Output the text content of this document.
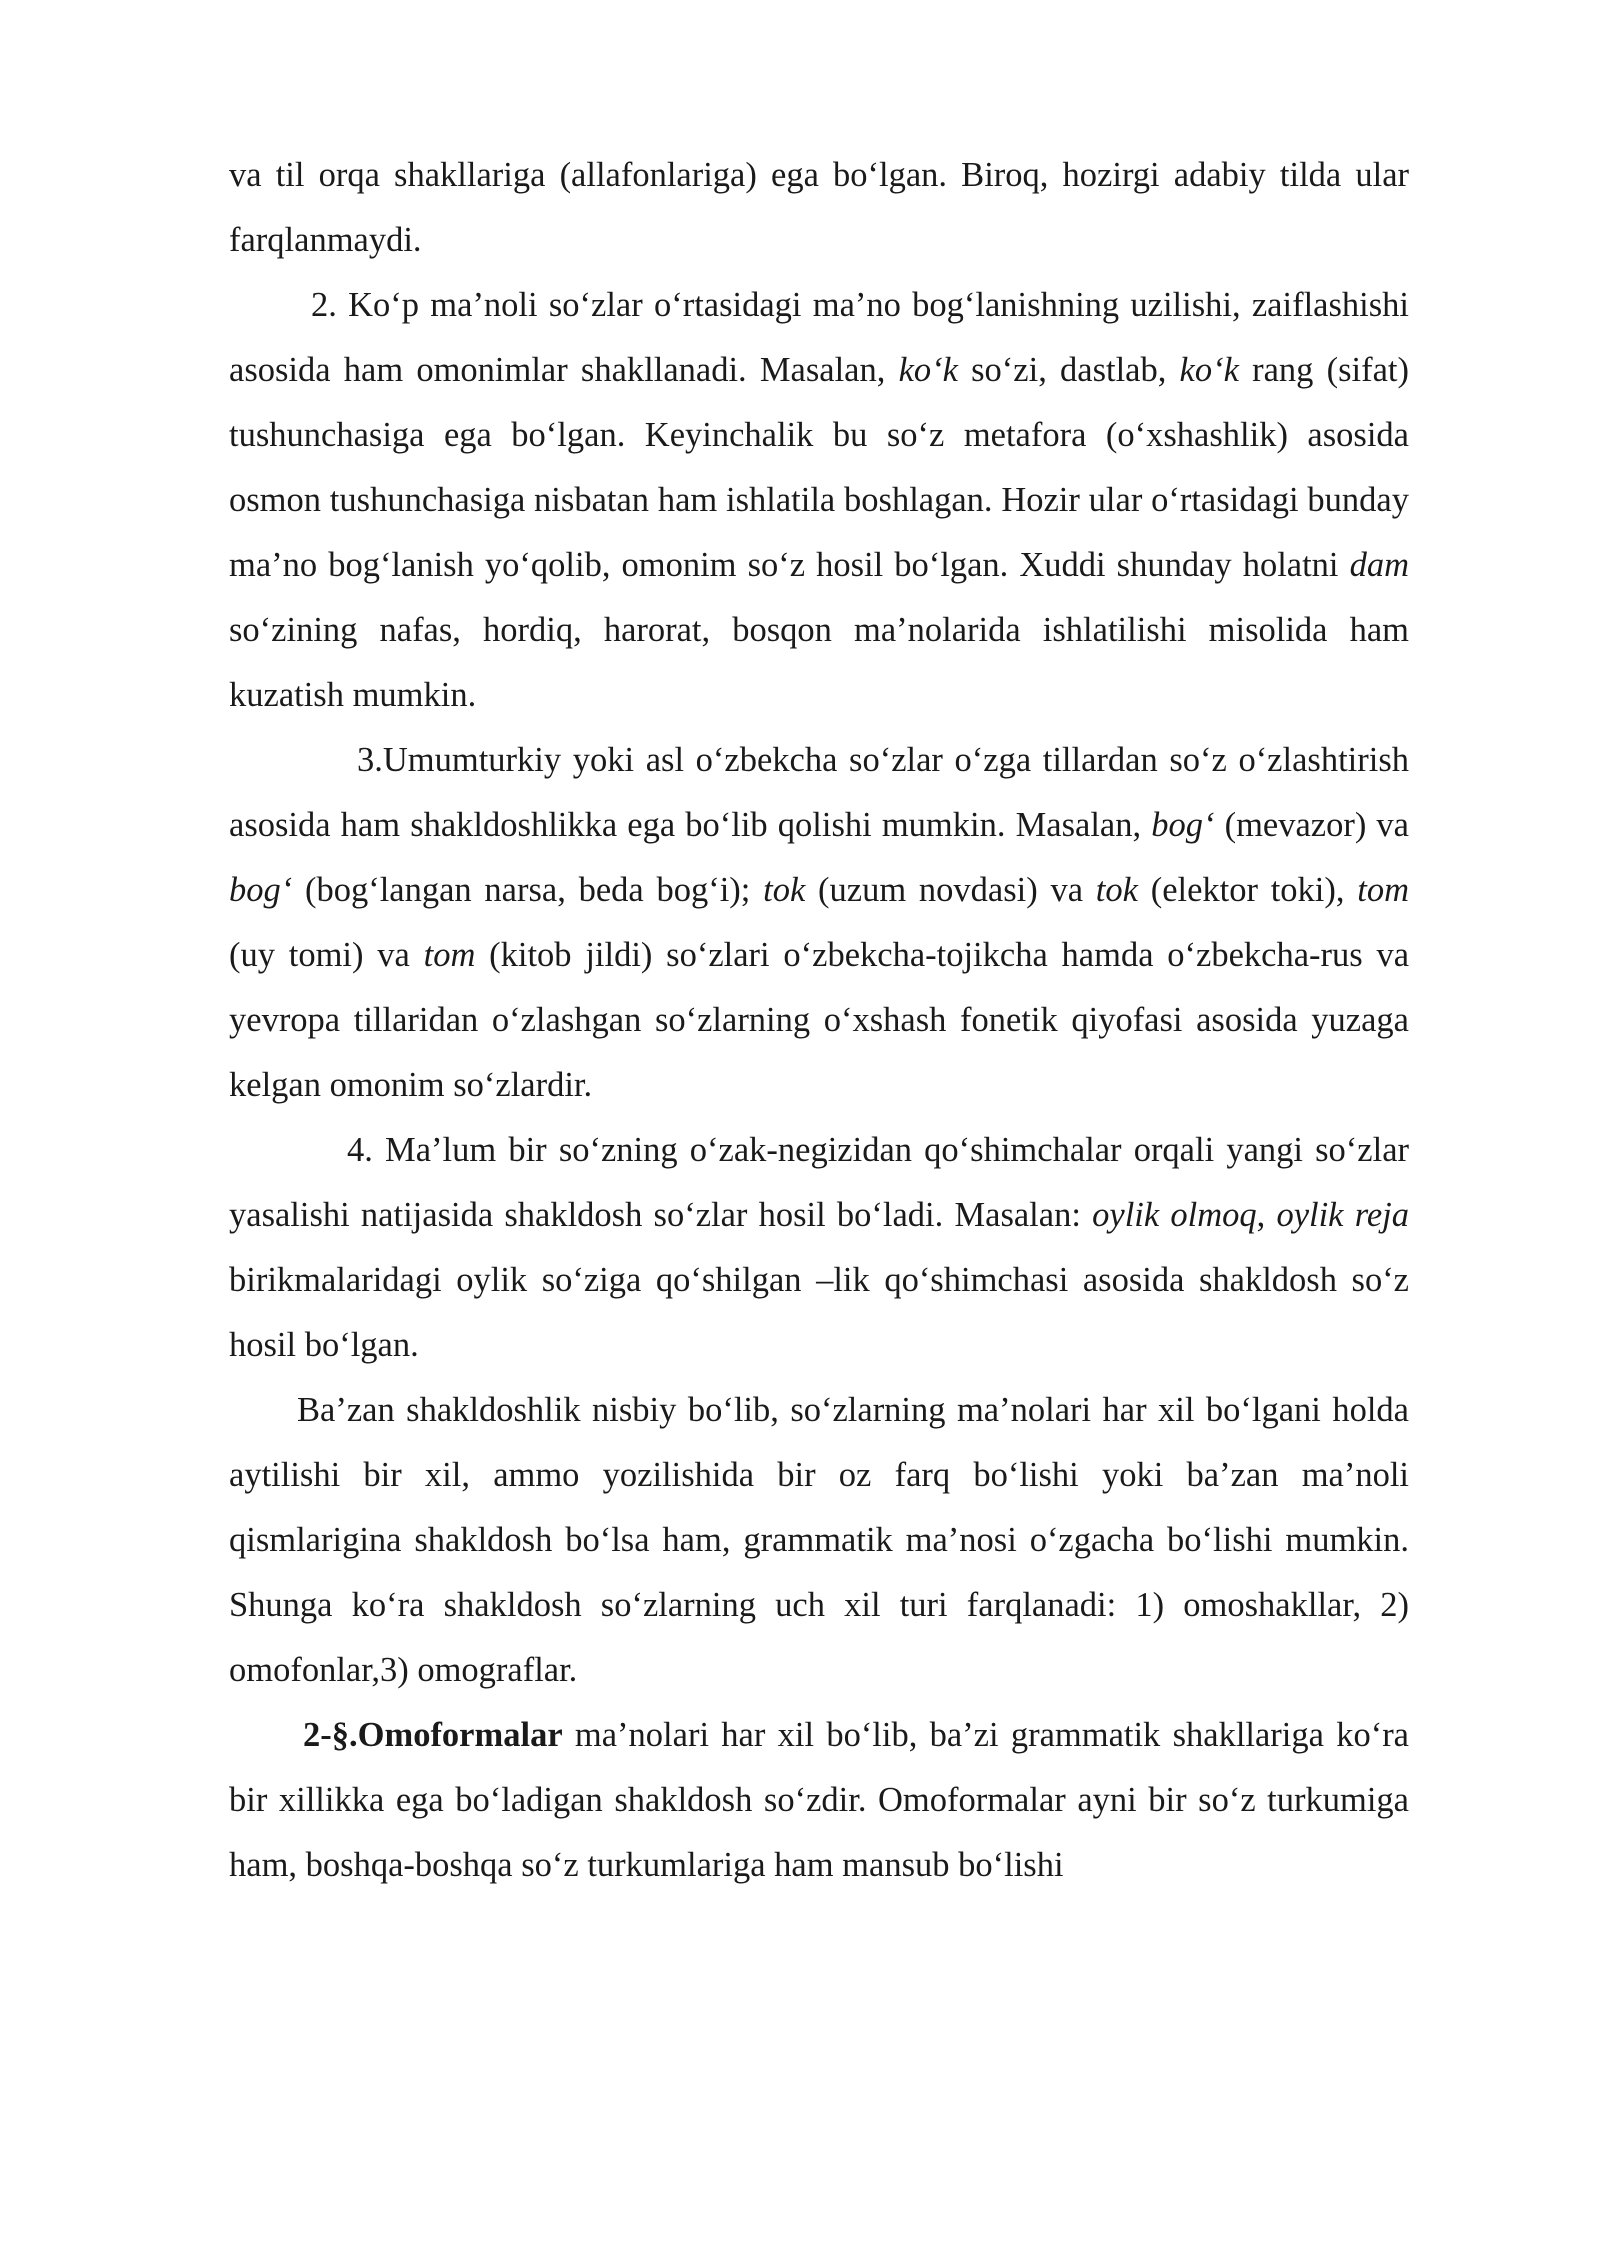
va til orqa shakllariga (allafonlariga) ega bo‘lgan. Biroq, hozirgi adabiy tilda ular farqlanmaydi.

2. Ko‘p ma’noli so‘zlar o‘rtasidagi ma’no bog‘lanishning uzilishi, zaiflashishi asosida ham omonimlar shakllanadi. Masalan, ko‘k so‘zi, dastlab, ko‘k rang (sifat) tushunchasiga ega bo‘lgan. Keyinchalik bu so‘z metafora (o‘xshashlik) asosida osmon tushunchasiga nisbatan ham ishlatila boshlagan. Hozir ular o‘rtasidagi bunday ma’no bog‘lanish yo‘qolib, omonim so‘z hosil bo‘lgan. Xuddi shunday holatni dam so‘zining nafas, hordiq, harorat, bosqon ma’nolarida ishlatilishi misolida ham kuzatish mumkin.

3.Umumturkiy yoki asl o‘zbekcha so‘zlar o‘zga tillardan so‘z o‘zlashtirish asosida ham shakldoshlikka ega bo‘lib qolishi mumkin. Masalan, bog‘ (mevazor) va bog‘ (bog‘langan narsa, beda bog‘i); tok (uzum novdasi) va tok (elektor toki), tom (uy tomi) va tom (kitob jildi) so‘zlari o‘zbekcha-tojikcha hamda o‘zbekcha-rus va yevropa tillaridan o‘zlashgan so‘zlarning o‘xshash fonetik qiyofasi asosida yuzaga kelgan omonim so‘zlardir.

4. Ma’lum bir so‘zning o‘zak-negizidan qo‘shimchalar orqali yangi so‘zlar yasalishi natijasida shakldosh so‘zlar hosil bo‘ladi. Masalan: oylik olmoq, oylik reja birikmalaridagi oylik so‘ziga qo‘shilgan –lik qo‘shimchasi asosida shakldosh so‘z hosil bo‘lgan.

Ba’zan shakldoshlik nisbiy bo‘lib, so‘zlarning ma’nolari har xil bo‘lgani holda aytilishi bir xil, ammo yozilishida bir oz farq bo‘lishi yoki ba’zan ma’noli qismlarigina shakldosh bo‘lsa ham, grammatik ma’nosi o‘zgacha bo‘lishi mumkin. Shunga ko‘ra shakldosh so‘zlarning uch xil turi farqlanadi: 1) omoshakllar, 2) omofonlar,3) omograflar.

2-§.Omoformalar ma’nolari har xil bo‘lib, ba’zi grammatik shakllariga ko‘ra bir xillikka ega bo‘ladigan shakldosh so‘zdir. Omoformalar ayni bir so‘z turkumiga ham, boshqa-boshqa so‘z turkumlariga ham mansub bo‘lishi
